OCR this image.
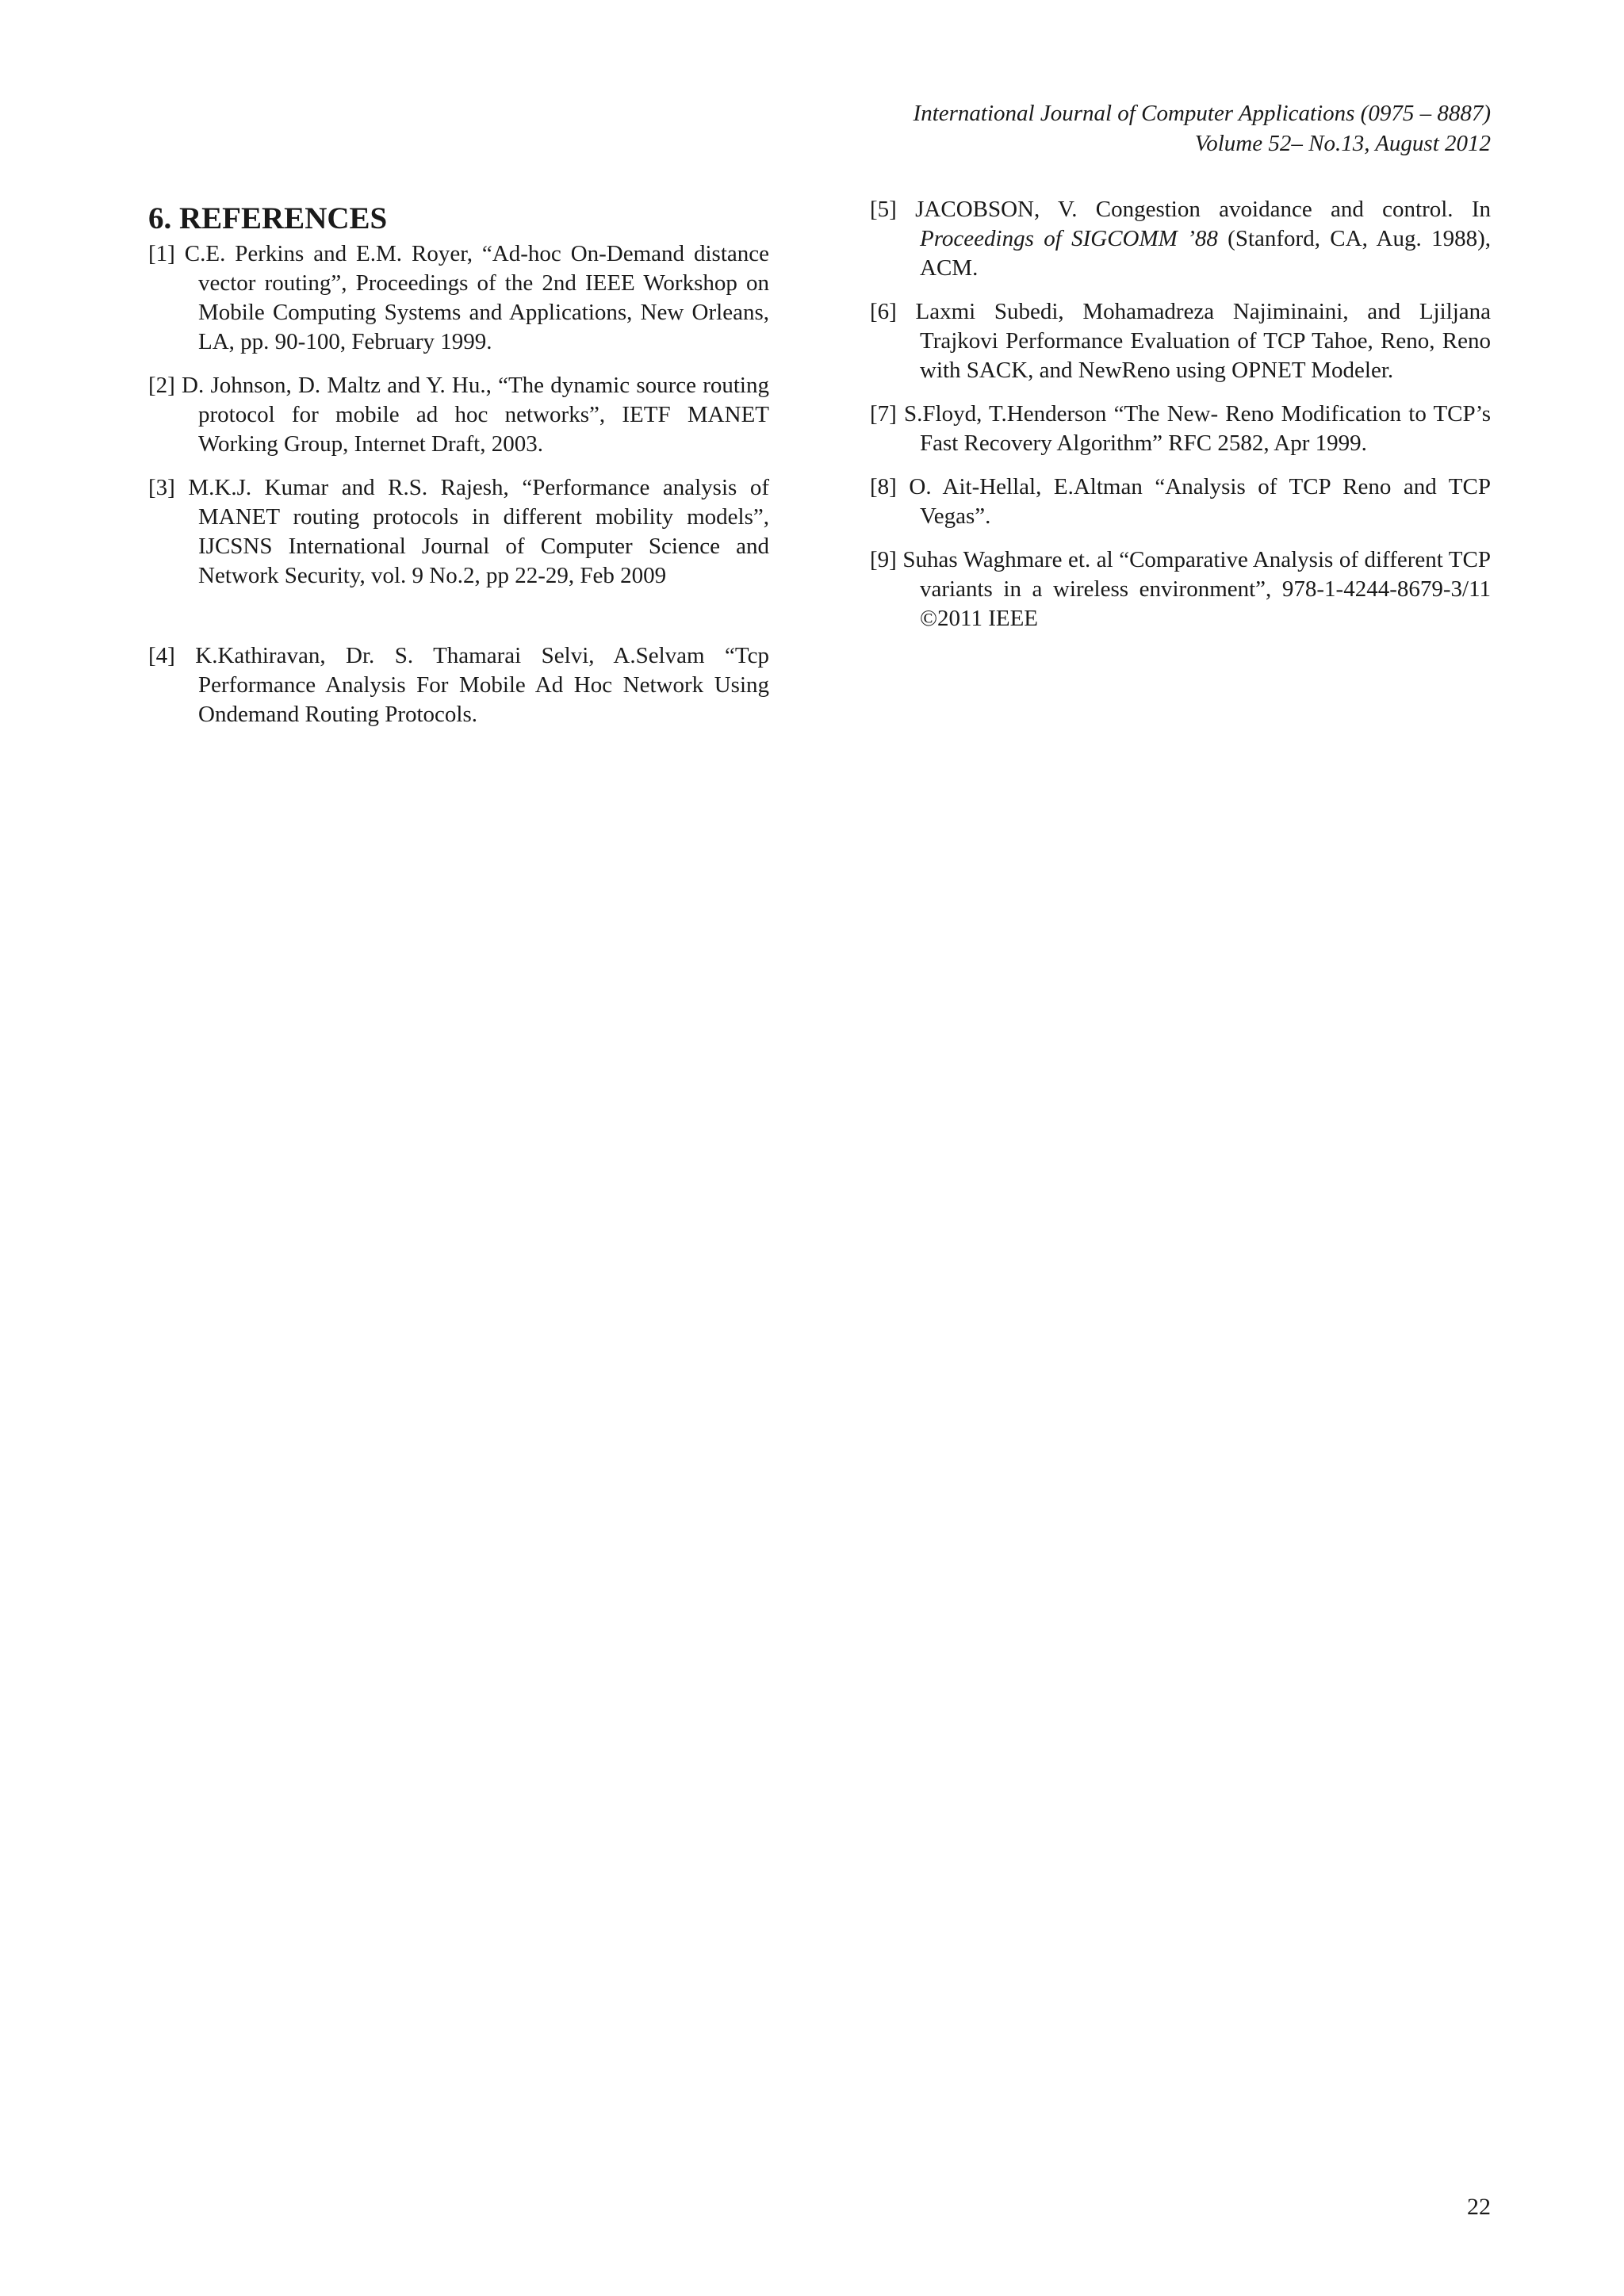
International Journal of Computer Applications (0975 – 8887)
Volume 52– No.13, August 2012
6. REFERENCES

[1] C.E. Perkins and E.M. Royer, “Ad-hoc On-Demand distance vector routing”, Proceedings of the 2nd IEEE Workshop on Mobile Computing Systems and Applications, New Orleans, LA, pp. 90-100, February 1999.

[2] D. Johnson, D. Maltz and Y. Hu., “The dynamic source routing protocol for mobile ad hoc networks”, IETF MANET Working Group, Internet Draft, 2003.

[3] M.K.J. Kumar and R.S. Rajesh, “Performance analysis of MANET routing protocols in different mobility models”, IJCSNS International Journal of Computer Science and Network Security, vol. 9 No.2, pp 22-29, Feb 2009

[4] K.Kathiravan, Dr. S. Thamarai Selvi, A.Selvam “Tcp Performance Analysis For Mobile Ad Hoc Network Using Ondemand Routing Protocols.

[5] JACOBSON, V. Congestion avoidance and control. In Proceedings of SIGCOMM ’88 (Stanford, CA, Aug. 1988), ACM.

[6] Laxmi Subedi, Mohamadreza Najiminaini, and Ljiljana Trajkovi Performance Evaluation of TCP Tahoe, Reno, Reno with SACK, and NewReno using OPNET Modeler.

[7] S.Floyd, T.Henderson “The New- Reno Modification to TCP’s Fast Recovery Algorithm” RFC 2582, Apr 1999.

[8] O. Ait-Hellal, E.Altman “Analysis of TCP Reno and TCP Vegas”.

[9] Suhas Waghmare et. al “Comparative Analysis of different TCP variants in a wireless environment”, 978-1-4244-8679-3/11 ©2011 IEEE

22
